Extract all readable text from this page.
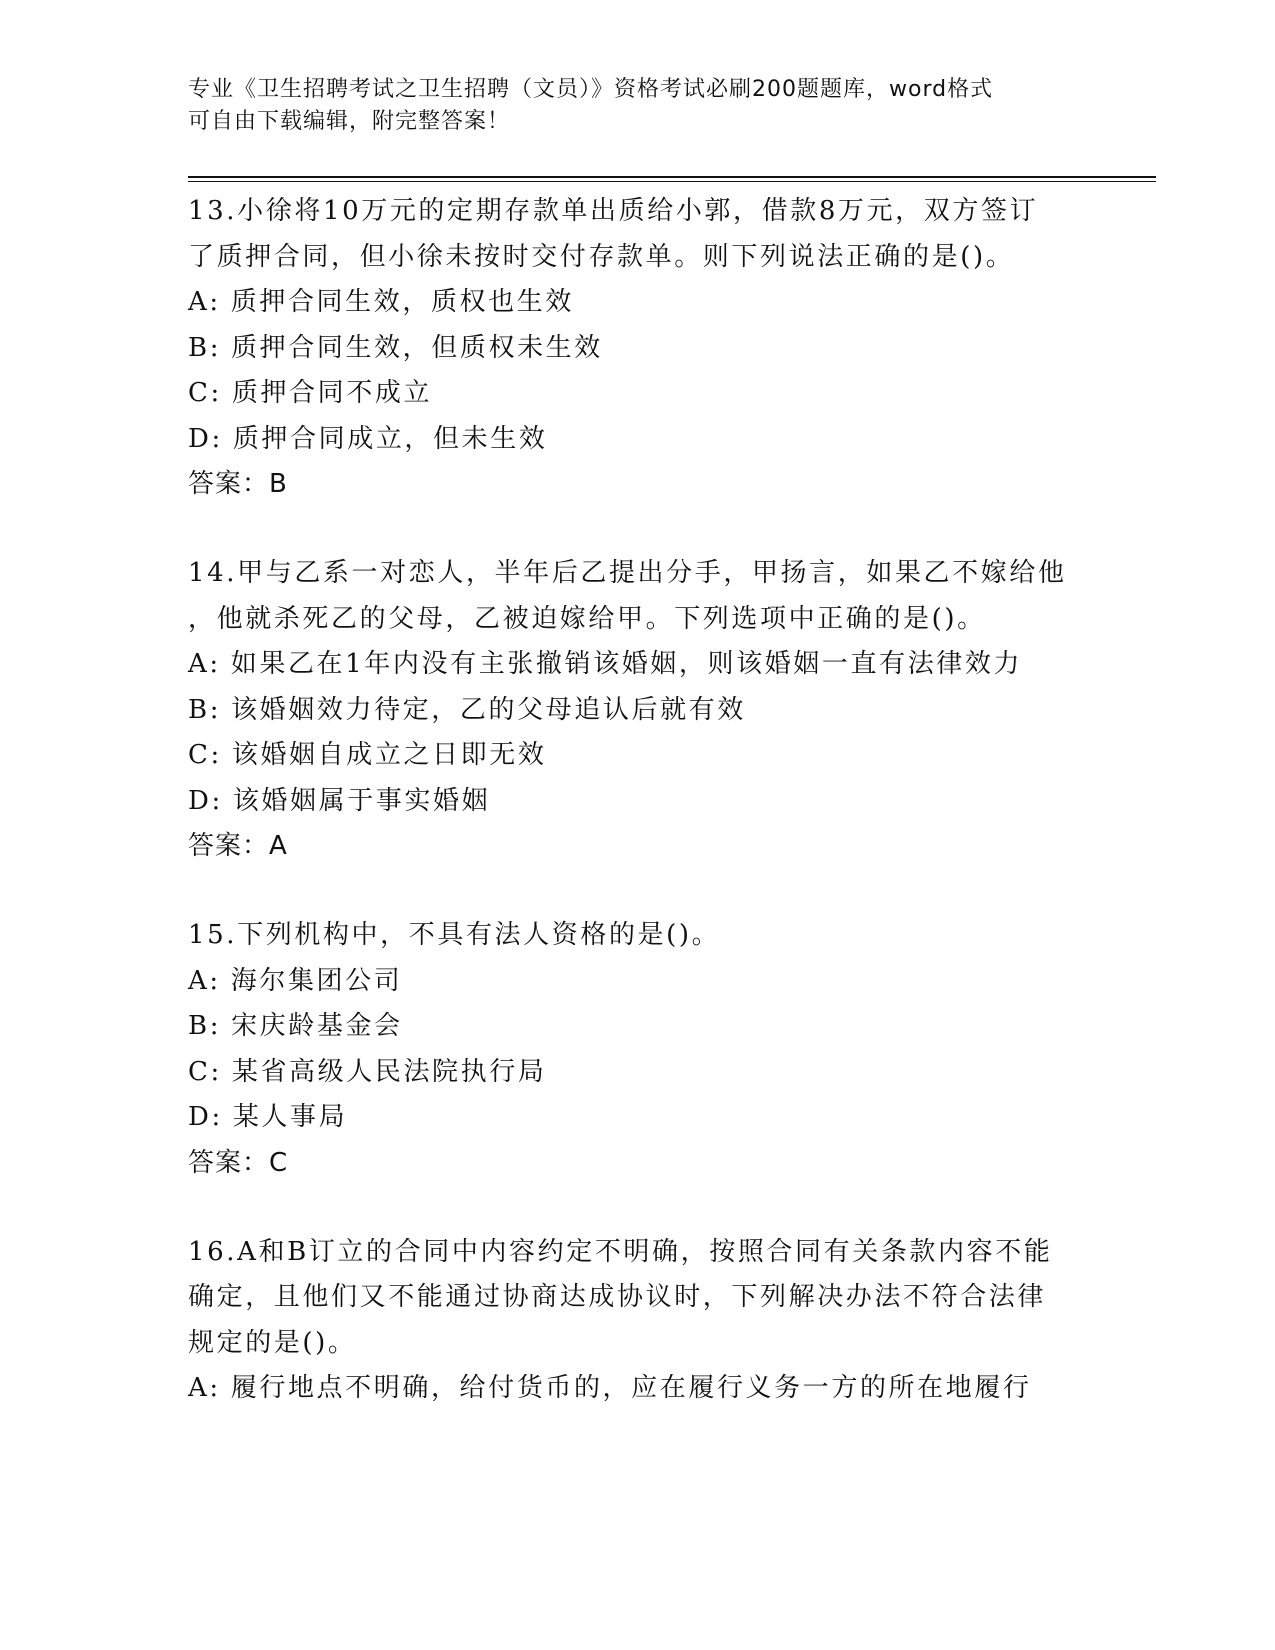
专业《卫生招聘考试之卫生招聘（文员）》资格考试必刷200题题库，word格式
可自由下载编辑，附完整答案！
13.小徐将10万元的定期存款单出质给小郭，借款8万元，双方签订
了质押合同，但小徐未按时交付存款单。则下列说法正确的是()。
A: 质押合同生效，质权也生效
B: 质押合同生效，但质权未生效
C: 质押合同不成立
D: 质押合同成立，但未生效
答案：B
14.甲与乙系一对恋人，半年后乙提出分手，甲扬言，如果乙不嫁给他
，他就杀死乙的父母，乙被迫嫁给甲。下列选项中正确的是()。
A: 如果乙在1年内没有主张撤销该婚姻，则该婚姻一直有法律效力
B: 该婚姻效力待定，乙的父母追认后就有效
C: 该婚姻自成立之日即无效
D: 该婚姻属于事实婚姻
答案：A
15.下列机构中，不具有法人资格的是()。
A: 海尔集团公司
B: 宋庆龄基金会
C: 某省高级人民法院执行局
D: 某人事局
答案：C
16.A和B订立的合同中内容约定不明确，按照合同有关条款内容不能
确定，且他们又不能通过协商达成协议时，下列解决办法不符合法律
规定的是()。
A: 履行地点不明确，给付货币的，应在履行义务一方的所在地履行
